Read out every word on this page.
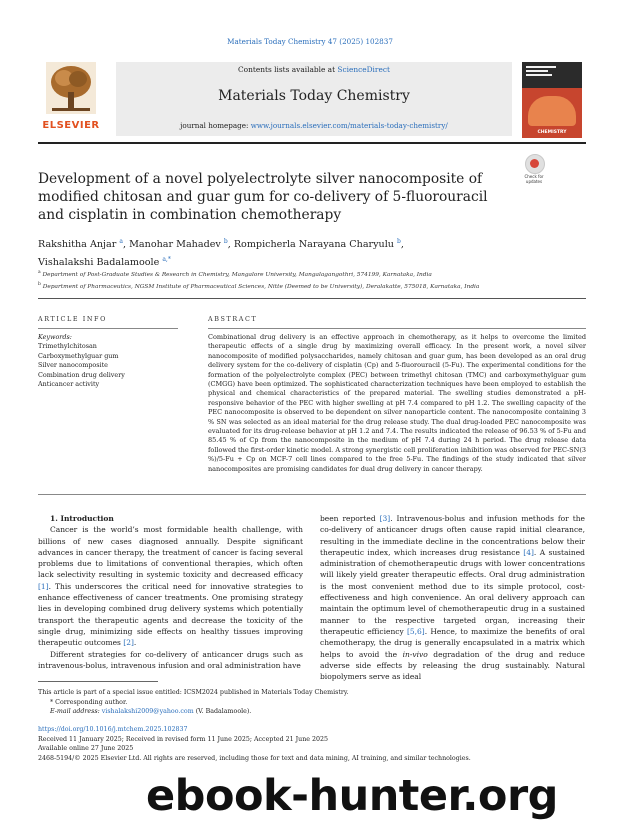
Materials Today Chemistry 47 (2025) 102837
ELSEVIER
Contents lists available at ScienceDirect
Materials Today Chemistry
journal homepage: www.journals.elsevier.com/materials-today-chemistry/
CHEMISTRY
Development of a novel polyelectrolyte silver nanocomposite of modified chitosan and guar gum for co-delivery of 5-fluorouracil and cisplatin in combination chemotherapy
Check for updates
Rakshitha Anjar $^a$, Manohar Mahadev $^b$, Rompicherla Narayana Charyulu $^b$,
Vishalakshi Badalamoole $^{a,*}$
$^a$ Department of Post-Graduate Studies & Research in Chemistry, Mangalore University, Mangalagangothri, 574199, Karnataka, India
$^b$ Department of Pharmaceutics, NGSM Institute of Pharmaceutical Sciences, Nitte (Deemed to be University), Deralakatte, 575018, Karnataka, India
ARTICLE INFO
Keywords:
Trimethylchitosan
Carboxymethylguar gum
Silver nanocomposite
Combination drug delivery
Anticancer activity
ABSTRACT
Combinational drug delivery is an effective approach in chemotherapy, as it helps to overcome the limited therapeutic effects of a single drug by maximizing overall efficacy. In the present work, a novel silver nanocomposite of modified polysaccharides, namely chitosan and guar gum, has been developed as an oral drug delivery system for the co-delivery of cisplatin (Cp) and 5-fluorouracil (5-Fu). The experimental conditions for the formation of the polyelectrolyte complex (PEC) between trimethyl chitosan (TMC) and carboxymethylguar gum (CMGG) have been optimized. The sophisticated characterization techniques have been employed to establish the physical and chemical characteristics of the prepared material. The swelling studies demonstrated a pH-responsive behavior of the PEC with higher swelling at pH 7.4 compared to pH 1.2. The swelling capacity of the PEC nanocomposite is observed to be dependent on silver nanoparticle content. The nanocomposite containing 3 % SN was selected as an ideal material for the drug release study. The dual drug-loaded PEC nanocomposite was evaluated for its drug-release behavior at pH 1.2 and 7.4. The results indicated the release of 96.53 % of 5-Fu and 85.45 % of Cp from the nanocomposite in the medium of pH 7.4 during 24 h period. The drug release data followed the first-order kinetic model. A strong synergistic cell proliferation inhibition was observed for PEC-SN(3 %)/5-Fu + Cp on MCF-7 cell lines compared to the free 5-Fu. The findings of the study indicated that silver nanocomposites are promising candidates for dual drug delivery in cancer therapy.

1. Introduction

Cancer is the world’s most formidable health challenge, with billions of new cases diagnosed annually. Despite significant advances in cancer therapy, the treatment of cancer is facing several problems due to limitations of conventional therapies, which often lack selectivity resulting in systemic toxicity and decreased efficacy [1]. This underscores the critical need for innovative strategies to enhance effectiveness of cancer treatments. One promising strategy lies in developing combined drug delivery systems which potentially transport the therapeutic agents and decrease the toxicity of the single drug, minimizing side effects on healthy tissues improving therapeutic outcomes [2].

Different strategies for co-delivery of anticancer drugs such as intravenous-bolus, intravenous infusion and oral administration have

been reported [3]. Intravenous-bolus and infusion methods for the co-delivery of anticancer drugs often cause rapid initial clearance, resulting in the immediate decline in the concentrations below their therapeutic index, which increases drug resistance [4]. A sustained administration of chemotherapeutic drugs with lower concentrations will likely yield greater therapeutic effects. Oral drug administration is the most convenient method due to its simple protocol, cost-effectiveness and high convenience. An oral delivery approach can maintain the optimum level of chemotherapeutic drug in a sustained manner to the respective targeted organ, increasing their therapeutic efficiency [5,6]. Hence, to maximize the benefits of oral chemotherapy, the drug is generally encapsulated in a matrix which helps to avoid the in-vivo degradation of the drug and reduce adverse side effects by releasing the drug sustainably. Natural biopolymers serve as ideal

This article is part of a special issue entitled: ICSM2024 published in Materials Today Chemistry.
* Corresponding author.
E-mail address: vishalakshi2009@yahoo.com (V. Badalamoole).
https://doi.org/10.1016/j.mtchem.2025.102837
Received 11 January 2025; Received in revised form 11 June 2025; Accepted 21 June 2025
Available online 27 June 2025
2468-5194/© 2025 Elsevier Ltd. All rights are reserved, including those for text and data mining, AI training, and similar technologies.
ebook-hunter.org
